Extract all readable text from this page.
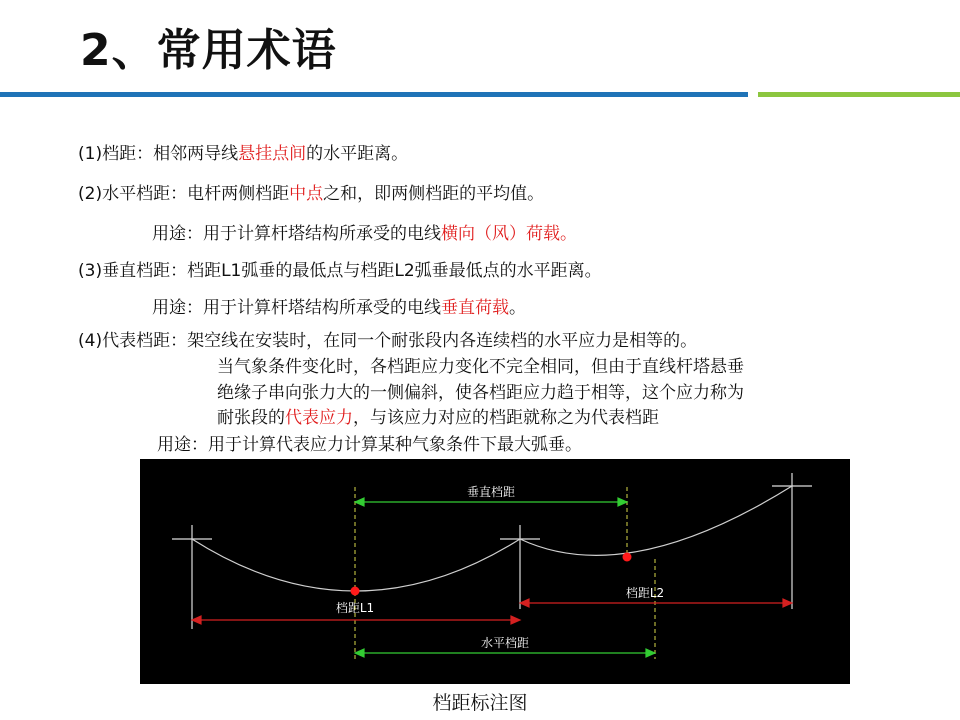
2、常用术语
(1)档距：相邻两导线悬挂点间的水平距离。
(2)水平档距：电杆两侧档距中点之和，即两侧档距的平均值。
用途：用于计算杆塔结构所承受的电线横向（风）荷载。
(3)垂直档距：档距L1弧垂的最低点与档距L2弧垂最低点的水平距离。
用途：用于计算杆塔结构所承受的电线垂直荷载。
(4)代表档距：架空线在安装时，在同一个耐张段内各连续档的水平应力是相等的。
当气象条件变化时，各档距应力变化不完全相同，但由于直线杆塔悬垂
绝缘子串向张力大的一侧偏斜，使各档距应力趋于相等，这个应力称为
耐张段的代表应力，与该应力对应的档距就称之为代表档距
用途：用于计算代表应力计算某种气象条件下最大弧垂。
垂直档距
档距L1
档距L2
水平档距
档距标注图
